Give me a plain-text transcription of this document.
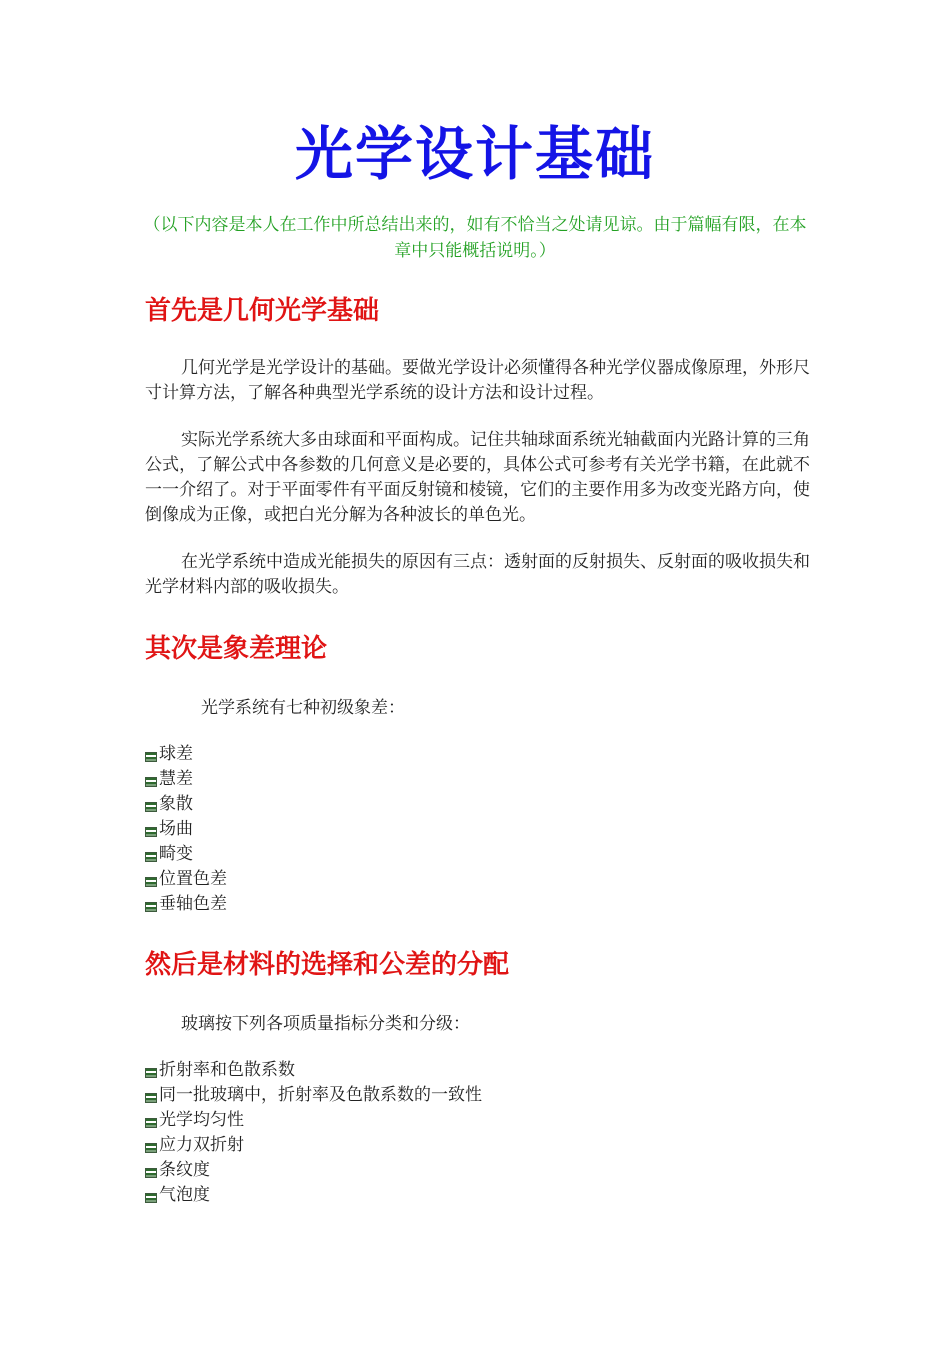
光学设计基础

（以下内容是本人在工作中所总结出来的，如有不恰当之处请见谅。由于篇幅有限，在本章中只能概括说明。）

首先是几何光学基础

几何光学是光学设计的基础。要做光学设计必须懂得各种光学仪器成像原理，外形尺寸计算方法，了解各种典型光学系统的设计方法和设计过程。

实际光学系统大多由球面和平面构成。记住共轴球面系统光轴截面内光路计算的三角公式，了解公式中各参数的几何意义是必要的，具体公式可参考有关光学书籍，在此就不一一介绍了。对于平面零件有平面反射镜和棱镜，它们的主要作用多为改变光路方向，使倒像成为正像，或把白光分解为各种波长的单色光。

在光学系统中造成光能损失的原因有三点：透射面的反射损失、反射面的吸收损失和光学材料内部的吸收损失。

其次是象差理论

光学系统有七种初级象差：

球差
慧差
象散
场曲
畸变
位置色差
垂轴色差
然后是材料的选择和公差的分配

玻璃按下列各项质量指标分类和分级：

折射率和色散系数
同一批玻璃中，折射率及色散系数的一致性
光学均匀性
应力双折射
条纹度
气泡度
